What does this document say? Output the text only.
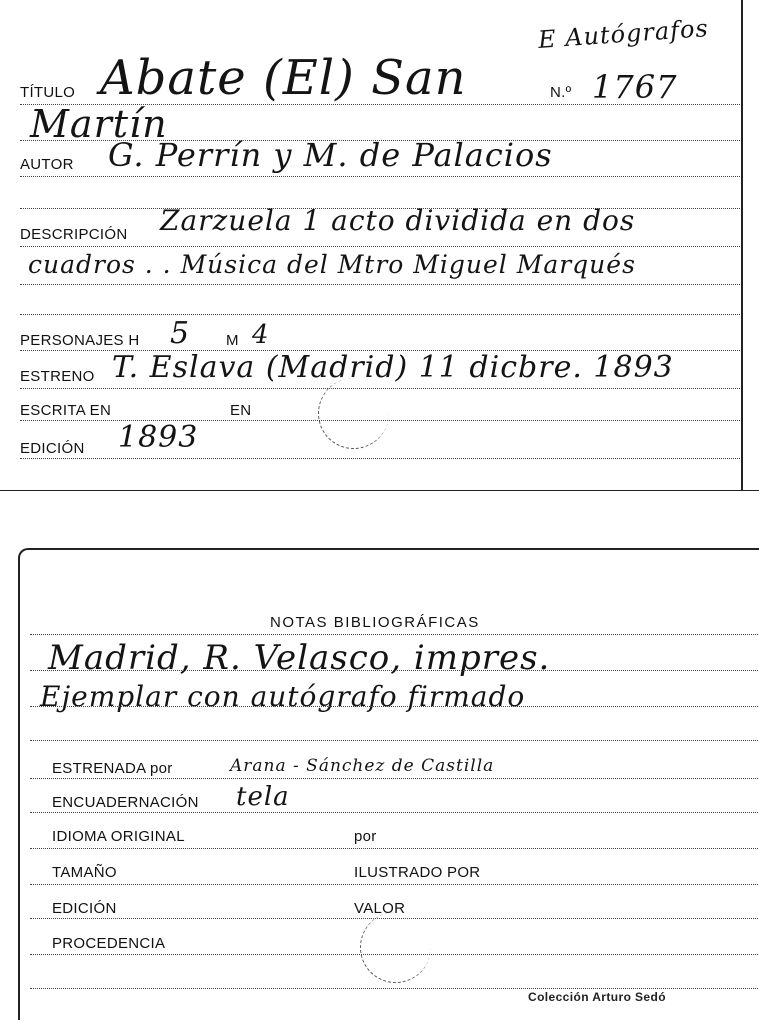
E Autógrafos
TÍTULO Abate (El) San	N.º 1767
Martín
AUTOR G. Perrín y M. de Palacios
DESCRIPCIÓN Zarzuela 1 acto dividida en dos
cuadros . . Música del Mtro Miguel Marqués
PERSONAJES H 5 M 4
ESTRENO T. Eslava (Madrid) 11 dicbre. 1893
ESCRITA EN	EN
EDICIÓN 1893
NOTAS BIBLIOGRÁFICAS
Madrid, R. Velasco, impres.
Ejemplar con autógrafo firmado
ESTRENADA por	Arana - Sánchez de Castilla
ENCUADERNACIÓN tela
IDIOMA ORIGINAL	por
TAMAÑO	ILUSTRADO POR
EDICIÓN	VALOR
PROCEDENCIA
Colección Arturo Sedó
